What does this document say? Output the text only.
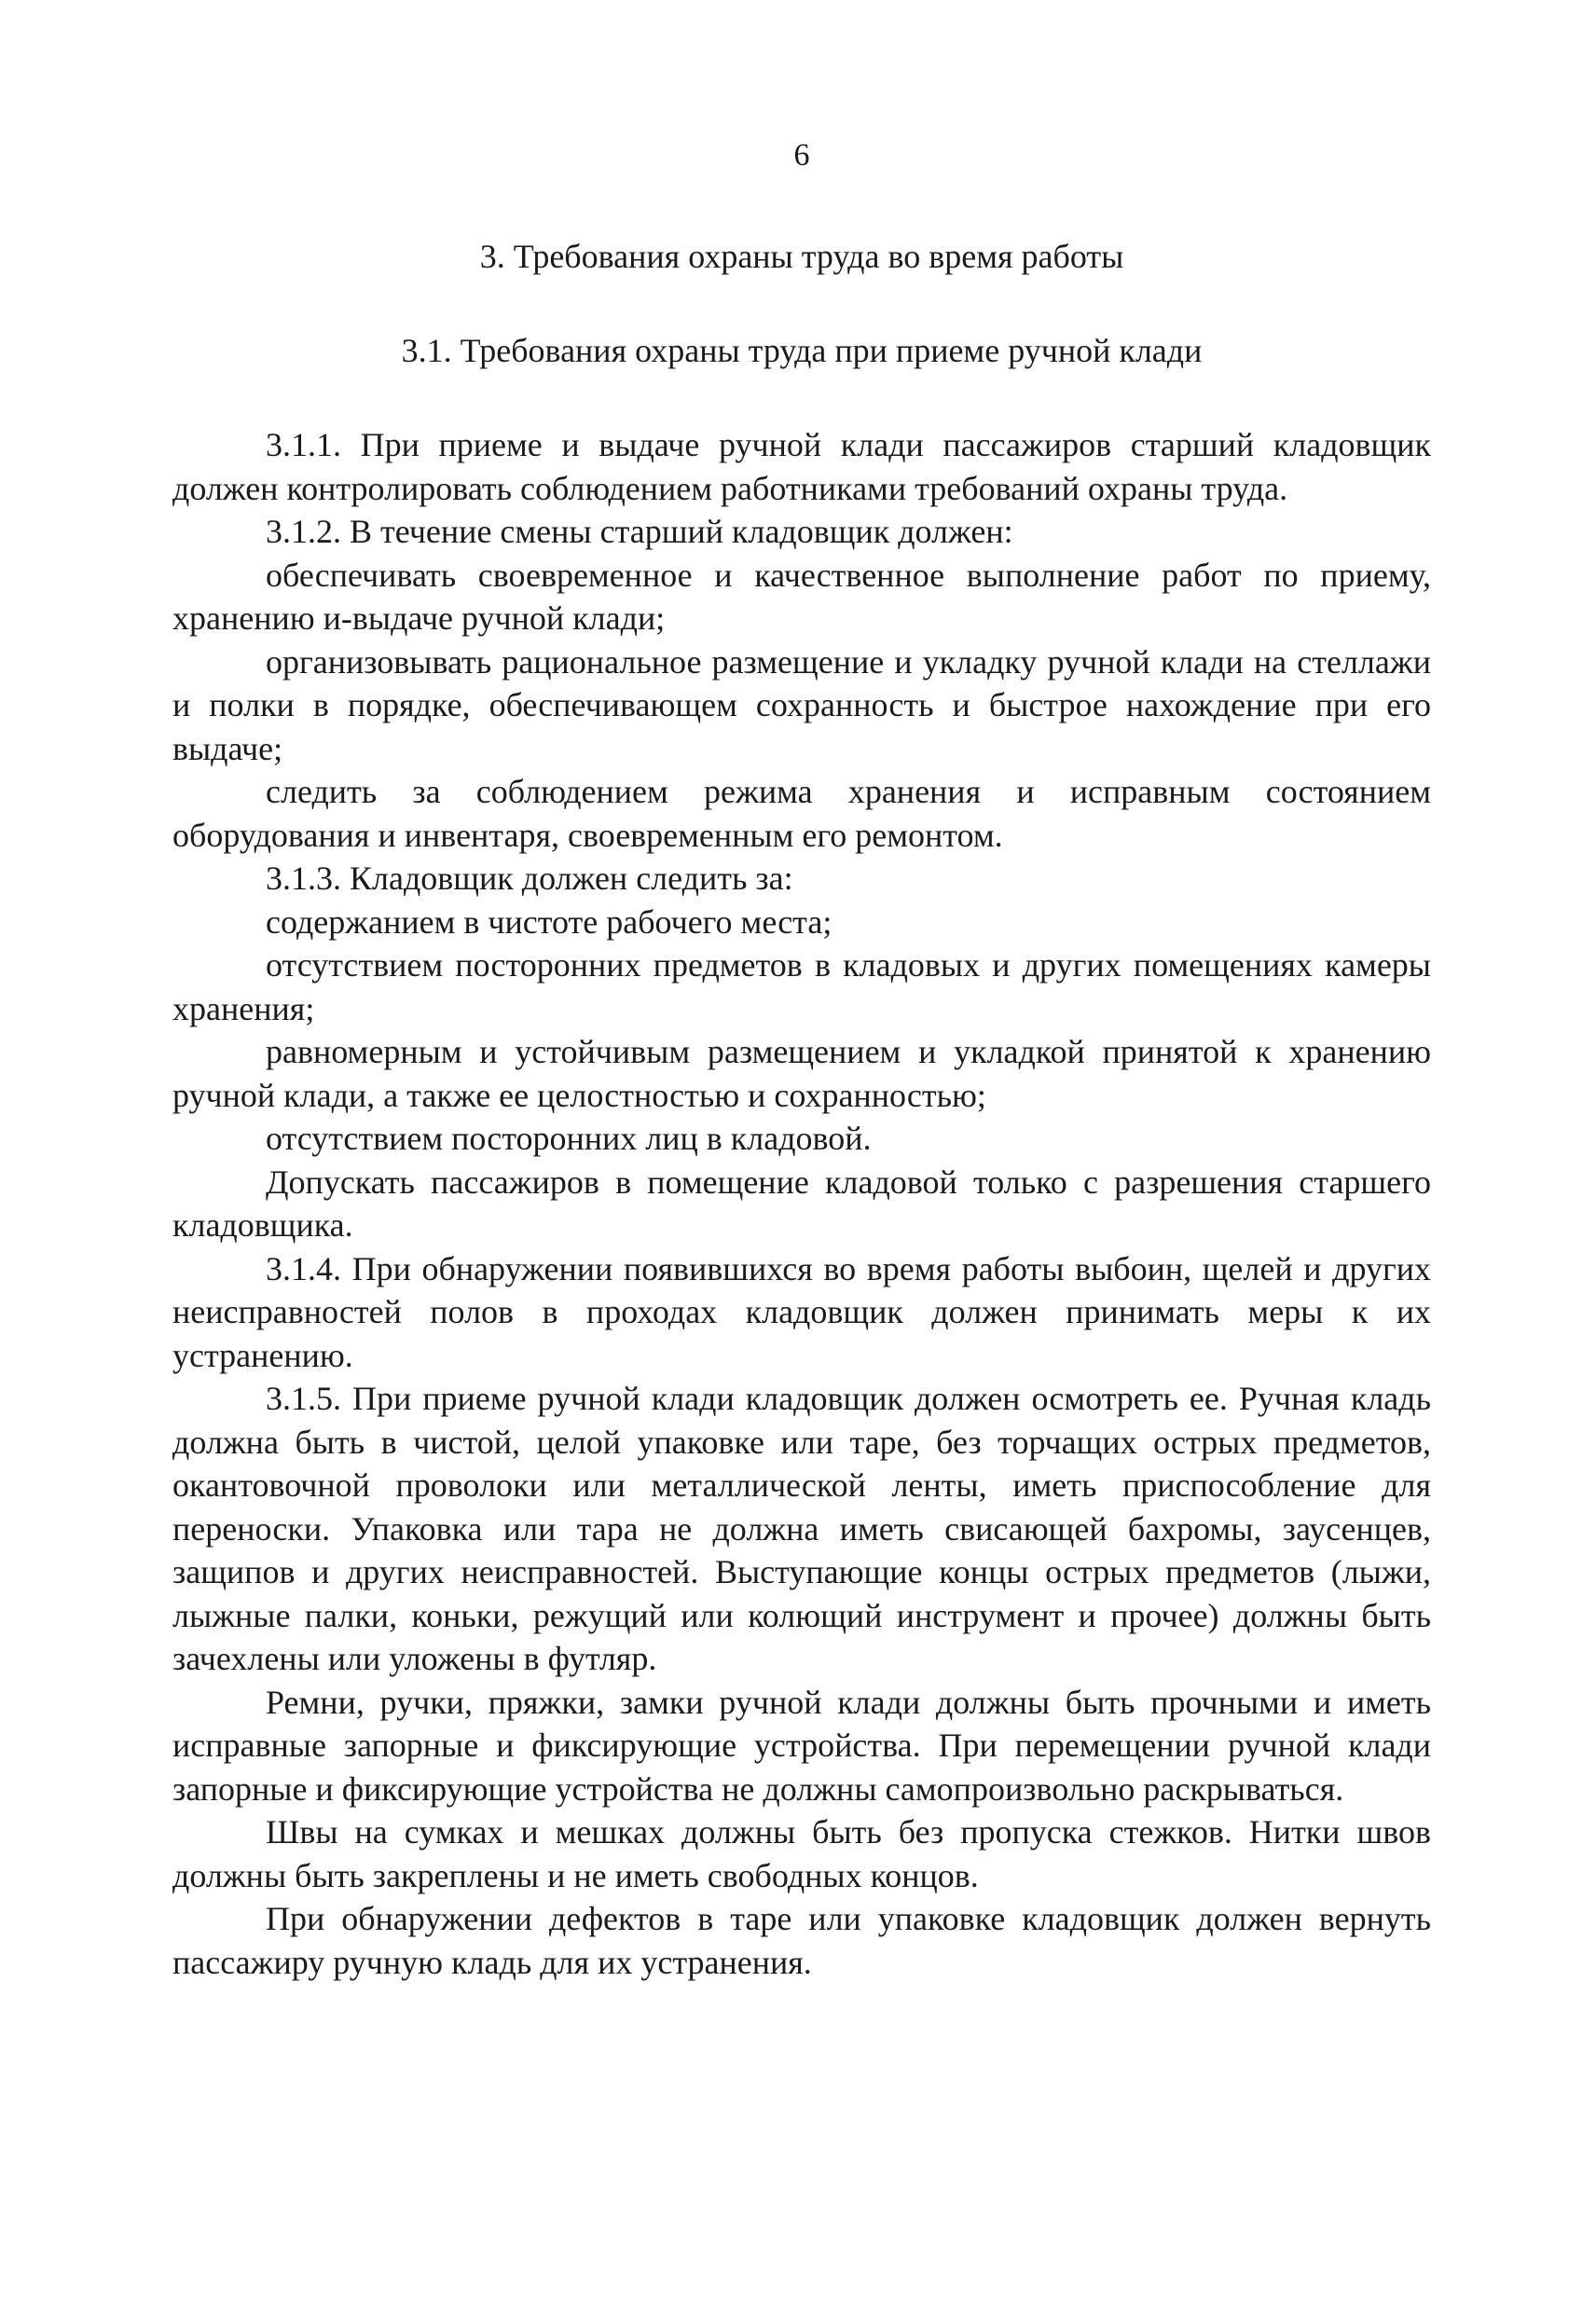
6
3. Требования охраны труда во время работы
3.1. Требования охраны труда при приеме ручной клади

3.1.1. При приеме и выдаче ручной клади пассажиров старший кладовщик должен контролировать соблюдением работниками требований охраны труда.

3.1.2. В течение смены старший кладовщик должен:

обеспечивать своевременное и качественное выполнение работ по приему, хранению и-выдаче ручной клади;

организовывать рациональное размещение и укладку ручной клади на стеллажи и полки в порядке, обеспечивающем сохранность и быстрое нахождение при его выдаче;

следить за соблюдением режима хранения и исправным состоянием оборудования и инвентаря, своевременным его ремонтом.

3.1.3. Кладовщик должен следить за:

содержанием в чистоте рабочего места;

отсутствием посторонних предметов в кладовых и других помещениях камеры хранения;

равномерным и устойчивым размещением и укладкой принятой к хранению ручной клади, а также ее целостностью и сохранностью;

отсутствием посторонних лиц в кладовой.

Допускать пассажиров в помещение кладовой только с разрешения старшего кладовщика.

3.1.4. При обнаружении появившихся во время работы выбоин, щелей и других неисправностей полов в проходах кладовщик должен принимать меры к их устранению.

3.1.5. При приеме ручной клади кладовщик должен осмотреть ее. Ручная кладь должна быть в чистой, целой упаковке или таре, без торчащих острых предметов, окантовочной проволоки или металлической ленты, иметь приспособление для переноски. Упаковка или тара не должна иметь свисающей бахромы, заусенцев, защипов и других неисправностей. Выступающие концы острых предметов (лыжи, лыжные палки, коньки, режущий или колющий инструмент и прочее) должны быть зачехлены или уложены в футляр.

Ремни, ручки, пряжки, замки ручной клади должны быть прочными и иметь исправные запорные и фиксирующие устройства. При перемещении ручной клади запорные и фиксирующие устройства не должны самопроизвольно раскрываться.

Швы на сумках и мешках должны быть без пропуска стежков. Нитки швов должны быть закреплены и не иметь свободных концов.

При обнаружении дефектов в таре или упаковке кладовщик должен вернуть пассажиру ручную кладь для их устранения.
